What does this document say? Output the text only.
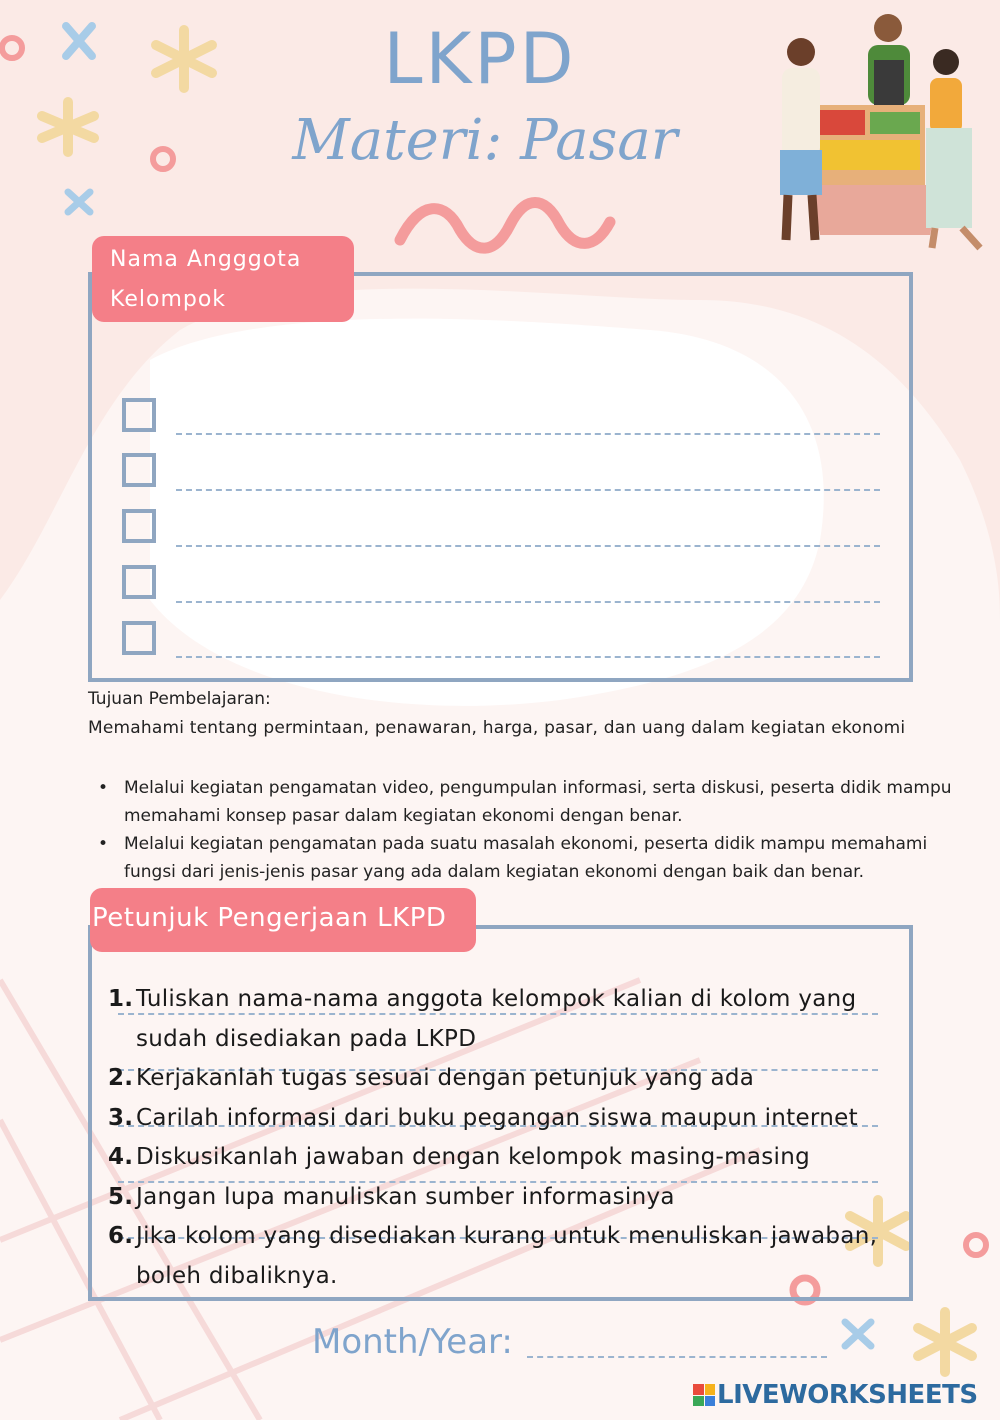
LKPD
Materi: Pasar
Nama Angggota Kelompok

Tujuan Pembelajaran:

Memahami tentang permintaan, penawaran, harga, pasar, dan uang dalam kegiatan ekonomi

• Melalui kegiatan pengamatan video, pengumpulan informasi, serta diskusi, peserta didik mampu memahami konsep pasar dalam kegiatan ekonomi dengan benar.
• Melalui kegiatan pengamatan pada suatu masalah ekonomi, peserta didik mampu memahami fungsi dari jenis-jenis pasar yang ada dalam kegiatan ekonomi dengan baik dan benar.
Petunjuk Pengerjaan LKPD
1. Tuliskan nama-nama anggota kelompok kalian di kolom yang sudah disediakan pada LKPD
2. Kerjakanlah tugas sesuai dengan petunjuk yang ada
3. Carilah informasi dari buku pegangan siswa maupun internet
4. Diskusikanlah jawaban dengan kelompok masing-masing
5. Jangan lupa manuliskan sumber informasinya
6. Jika kolom yang disediakan kurang untuk menuliskan jawaban, boleh dibaliknya.

Month/Year:

LIVEWORKSHEETS
